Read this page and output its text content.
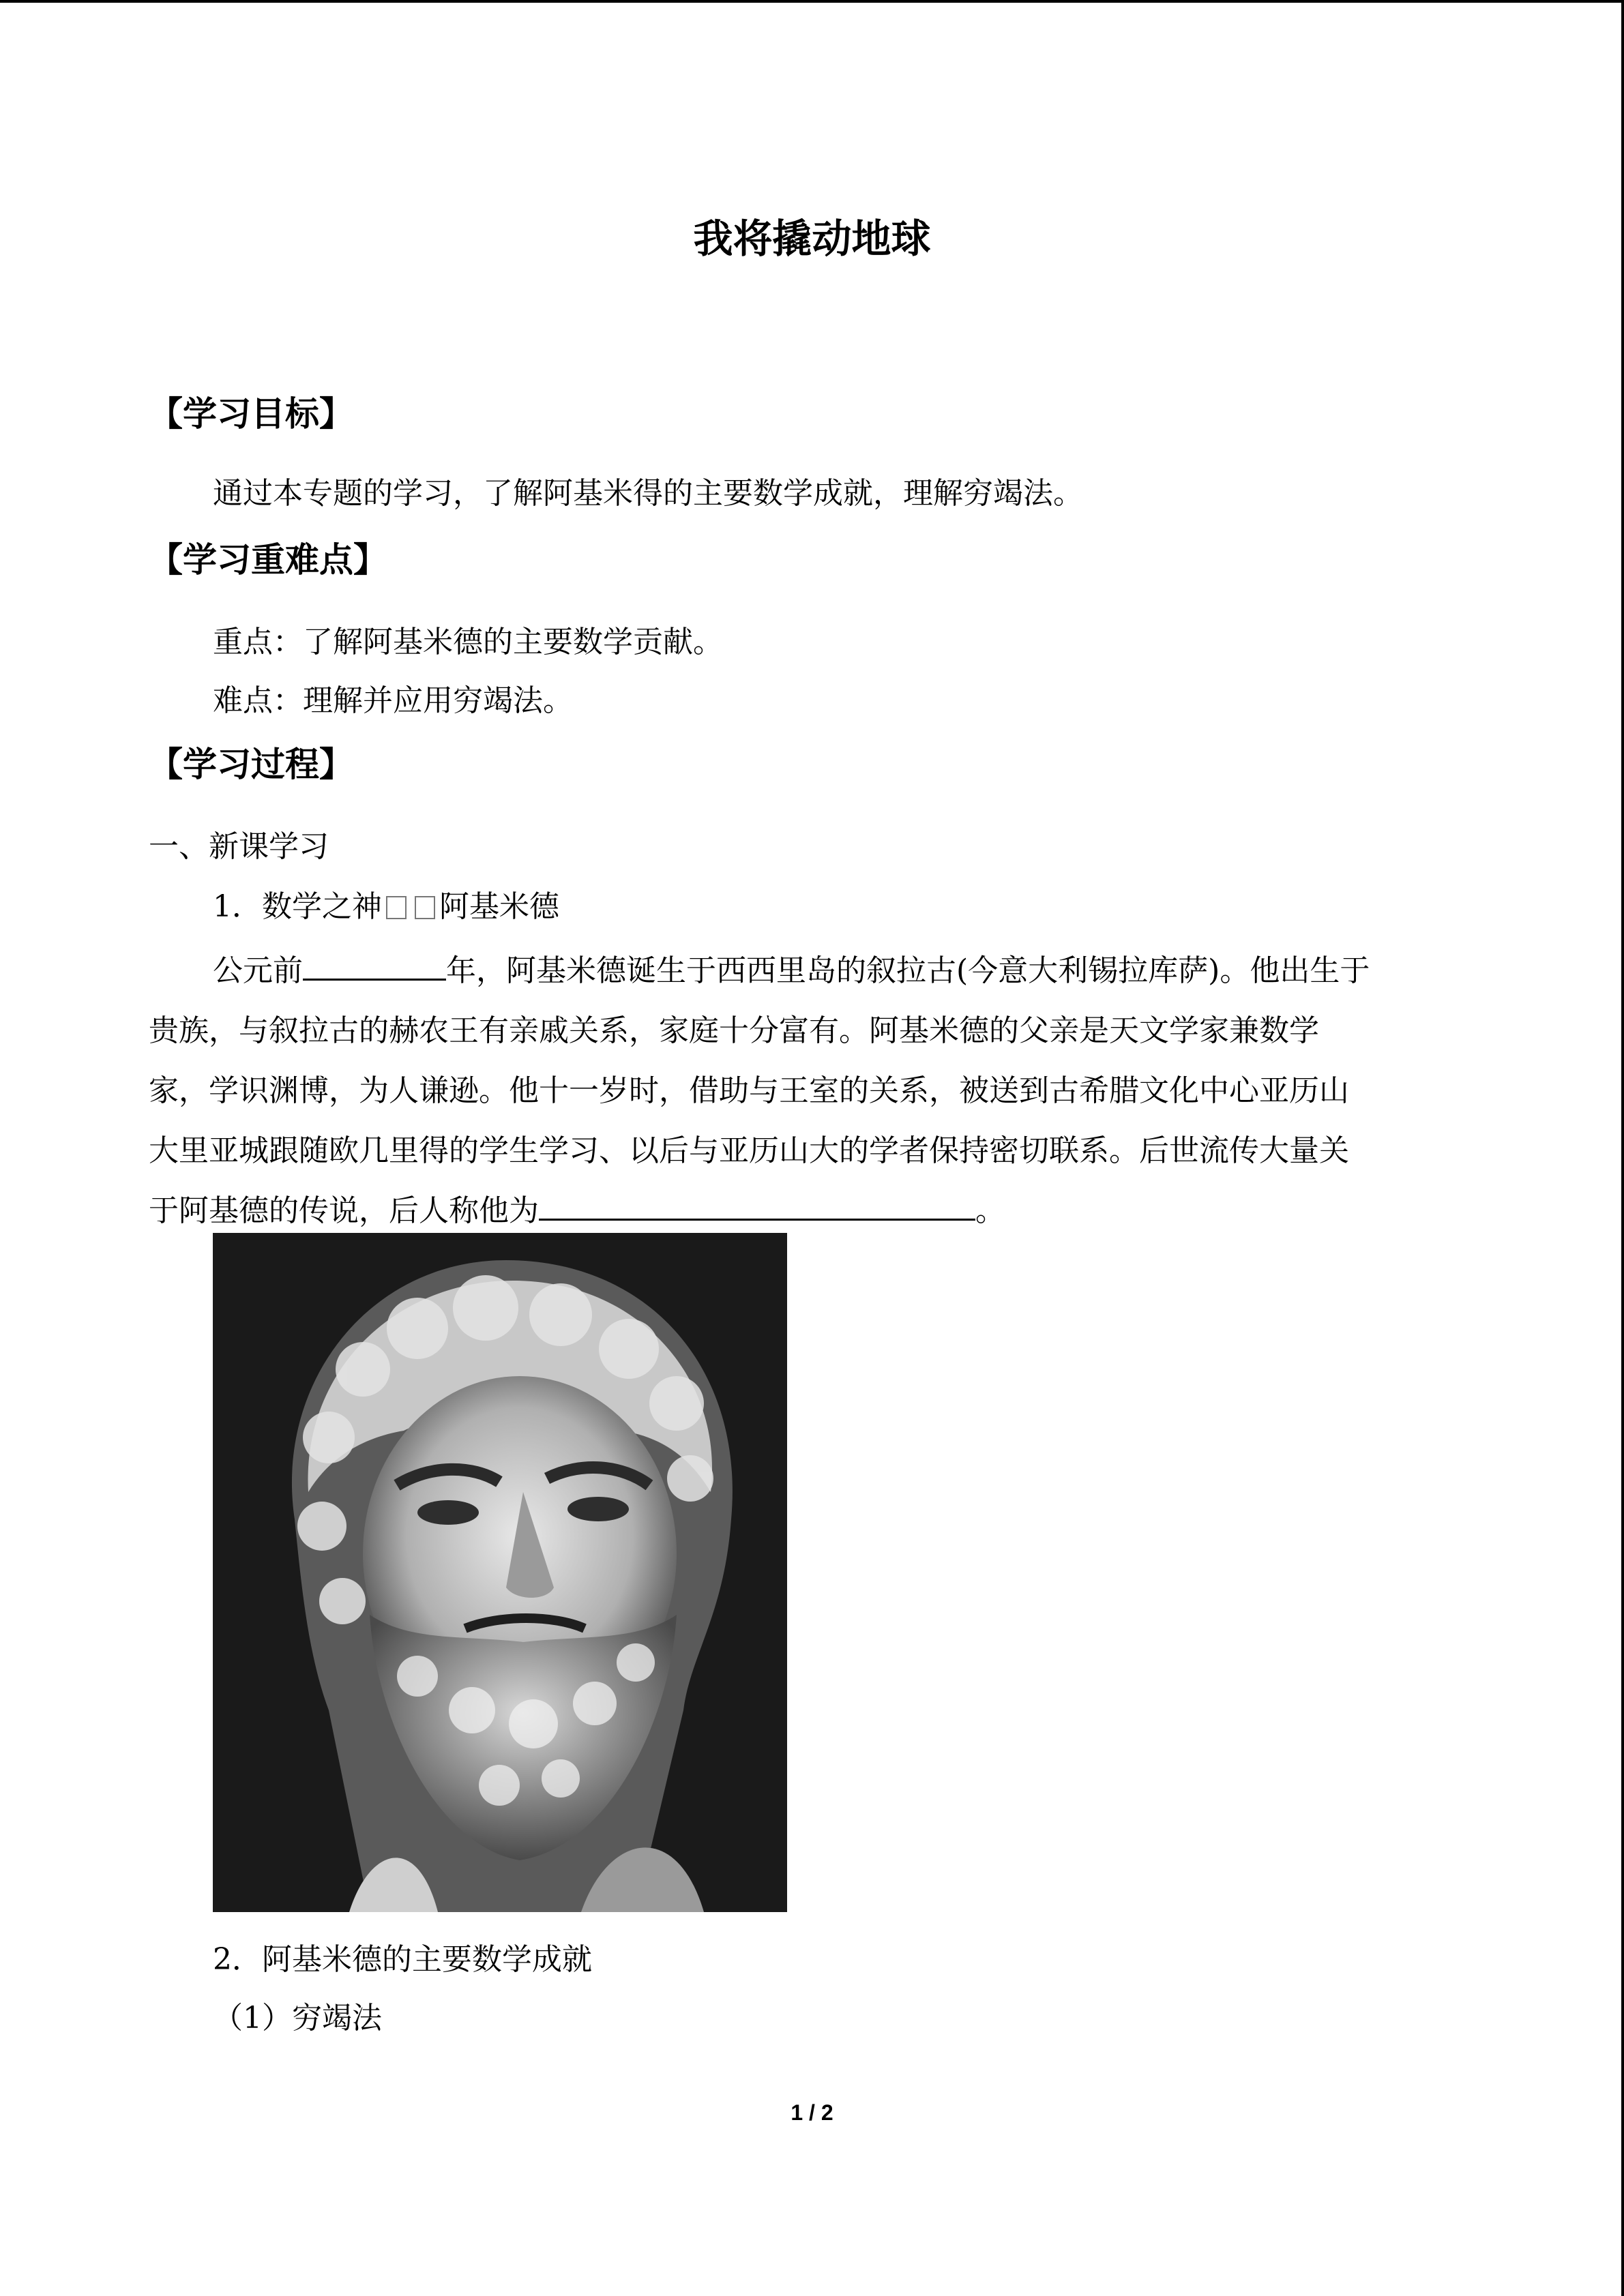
我将撬动地球
【学习目标】
通过本专题的学习，了解阿基米得的主要数学成就，理解穷竭法。
【学习重难点】
重点：了解阿基米德的主要数学贡献。
难点：理解并应用穷竭法。
【学习过程】
一、新课学习
1．数学之神 阿基米德
公元前	年，阿基米德诞生于西西里岛的叙拉古(今意大利锡拉库萨)。他出生于
贵族，与叙拉古的赫农王有亲戚关系，家庭十分富有。阿基米德的父亲是天文学家兼数学
家，学识渊博，为人谦逊。他十一岁时，借助与王室的关系，被送到古希腊文化中心亚历山
大里亚城跟随欧几里得的学生学习、以后与亚历山大的学者保持密切联系。后世流传大量关
于阿基德的传说，后人称他为	。
2．阿基米德的主要数学成就
（1）穷竭法
1 / 2
